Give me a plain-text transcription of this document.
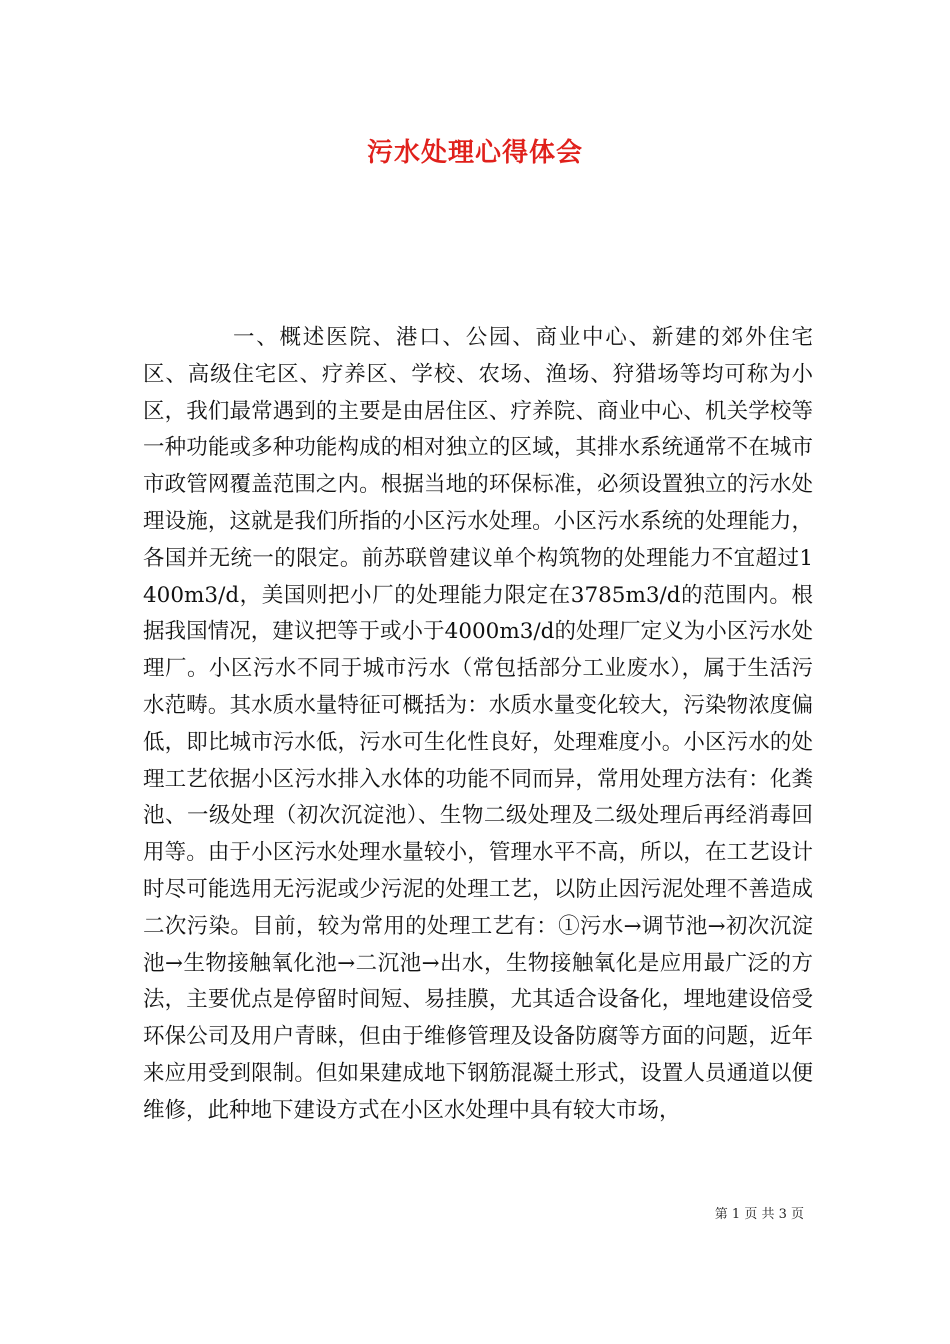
污水处理心得体会

一、概述医院、港口、公园、商业中心、新建的郊外住宅区、高级住宅区、疗养区、学校、农场、渔场、狩猎场等均可称为小区，我们最常遇到的主要是由居住区、疗养院、商业中心、机关学校等一种功能或多种功能构成的相对独立的区域，其排水系统通常不在城市市政管网覆盖范围之内。根据当地的环保标准，必须设置独立的污水处理设施，这就是我们所指的小区污水处理。小区污水系统的处理能力，各国并无统一的限定。前苏联曾建议单个构筑物的处理能力不宜超过1400m3/d，美国则把小厂的处理能力限定在3785m3/d的范围内。根据我国情况，建议把等于或小于4000m3/d的处理厂定义为小区污水处理厂。小区污水不同于城市污水（常包括部分工业废水），属于生活污水范畴。其水质水量特征可概括为：水质水量变化较大，污染物浓度偏低，即比城市污水低，污水可生化性良好，处理难度小。小区污水的处理工艺依据小区污水排入水体的功能不同而异，常用处理方法有：化粪池、一级处理（初次沉淀池）、生物二级处理及二级处理后再经消毒回用等。由于小区污水处理水量较小，管理水平不高，所以，在工艺设计时尽可能选用无污泥或少污泥的处理工艺，以防止因污泥处理不善造成二次污染。目前，较为常用的处理工艺有：①污水→调节池→初次沉淀池→生物接触氧化池→二沉池→出水，生物接触氧化是应用最广泛的方法，主要优点是停留时间短、易挂膜，尤其适合设备化，埋地建设倍受环保公司及用户青睐，但由于维修管理及设备防腐等方面的问题，近年来应用受到限制。但如果建成地下钢筋混凝土形式，设置人员通道以便维修，此种地下建设方式在小区水处理中具有较大市场，

第 1 页 共 3 页
